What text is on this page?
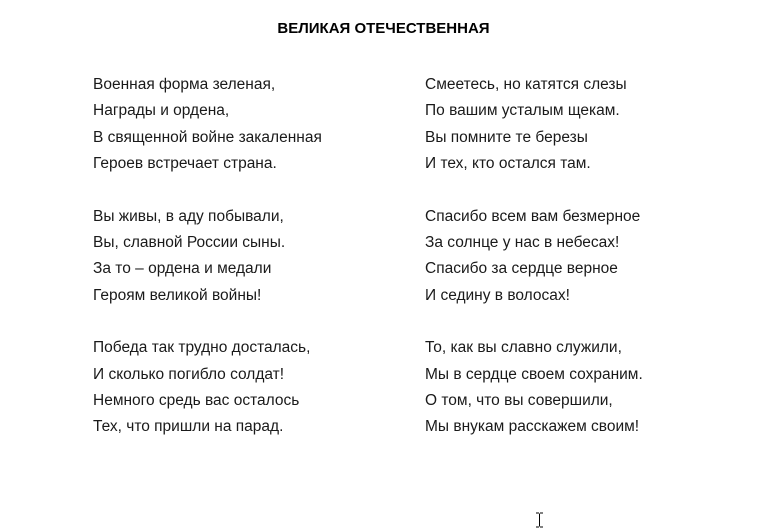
ВЕЛИКАЯ ОТЕЧЕСТВЕННАЯ
Военная форма зеленая,
Награды и ордена,
В священной войне закаленная
Героев встречает страна.
Вы живы, в аду побывали,
Вы, славной России сыны.
За то – ордена и медали
Героям великой войны!
Победа так трудно досталась,
И сколько погибло солдат!
Немного средь вас осталось
Тех, что пришли на парад.
Смеетесь, но катятся слезы
По вашим усталым щекам.
Вы помните те березы
И тех, кто остался там.
Спасибо всем вам безмерное
За солнце у нас в небесах!
Спасибо за сердце верное
И седину в волосах!
То, как вы славно служили,
Мы в сердце своем сохраним.
О том, что вы совершили,
Мы внукам расскажем своим!
